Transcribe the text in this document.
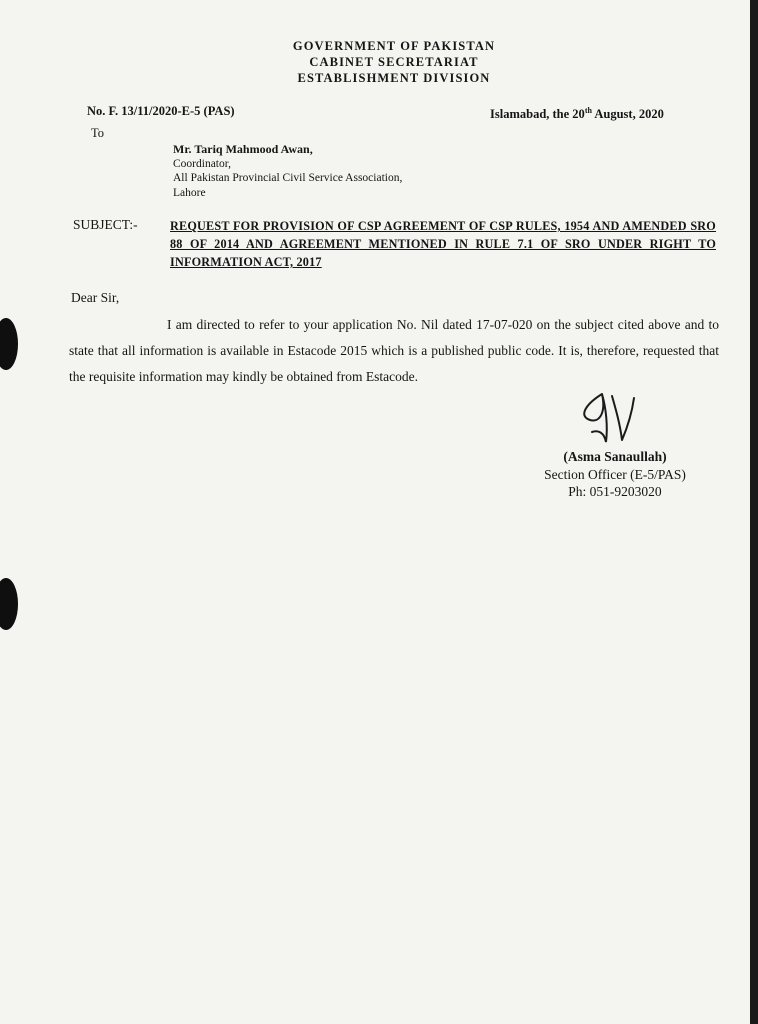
GOVERNMENT OF PAKISTAN
CABINET SECRETARIAT
ESTABLISHMENT DIVISION
No. F. 13/11/2020-E-5 (PAS)	Islamabad, the 20th August, 2020
To
Mr. Tariq Mahmood Awan,
Coordinator,
All Pakistan Provincial Civil Service Association,
Lahore
SUBJECT:-	REQUEST FOR PROVISION OF CSP AGREEMENT OF CSP RULES, 1954 AND AMENDED SRO 88 OF 2014 AND AGREEMENT MENTIONED IN RULE 7.1 OF SRO UNDER RIGHT TO INFORMATION ACT, 2017
Dear Sir,
I am directed to refer to your application No. Nil dated 17-07-020 on the subject cited above and to state that all information is available in Estacode 2015 which is a published public code. It is, therefore, requested that the requisite information may kindly be obtained from Estacode.
(Asma Sanaullah)
Section Officer (E-5/PAS)
Ph: 051-9203020
